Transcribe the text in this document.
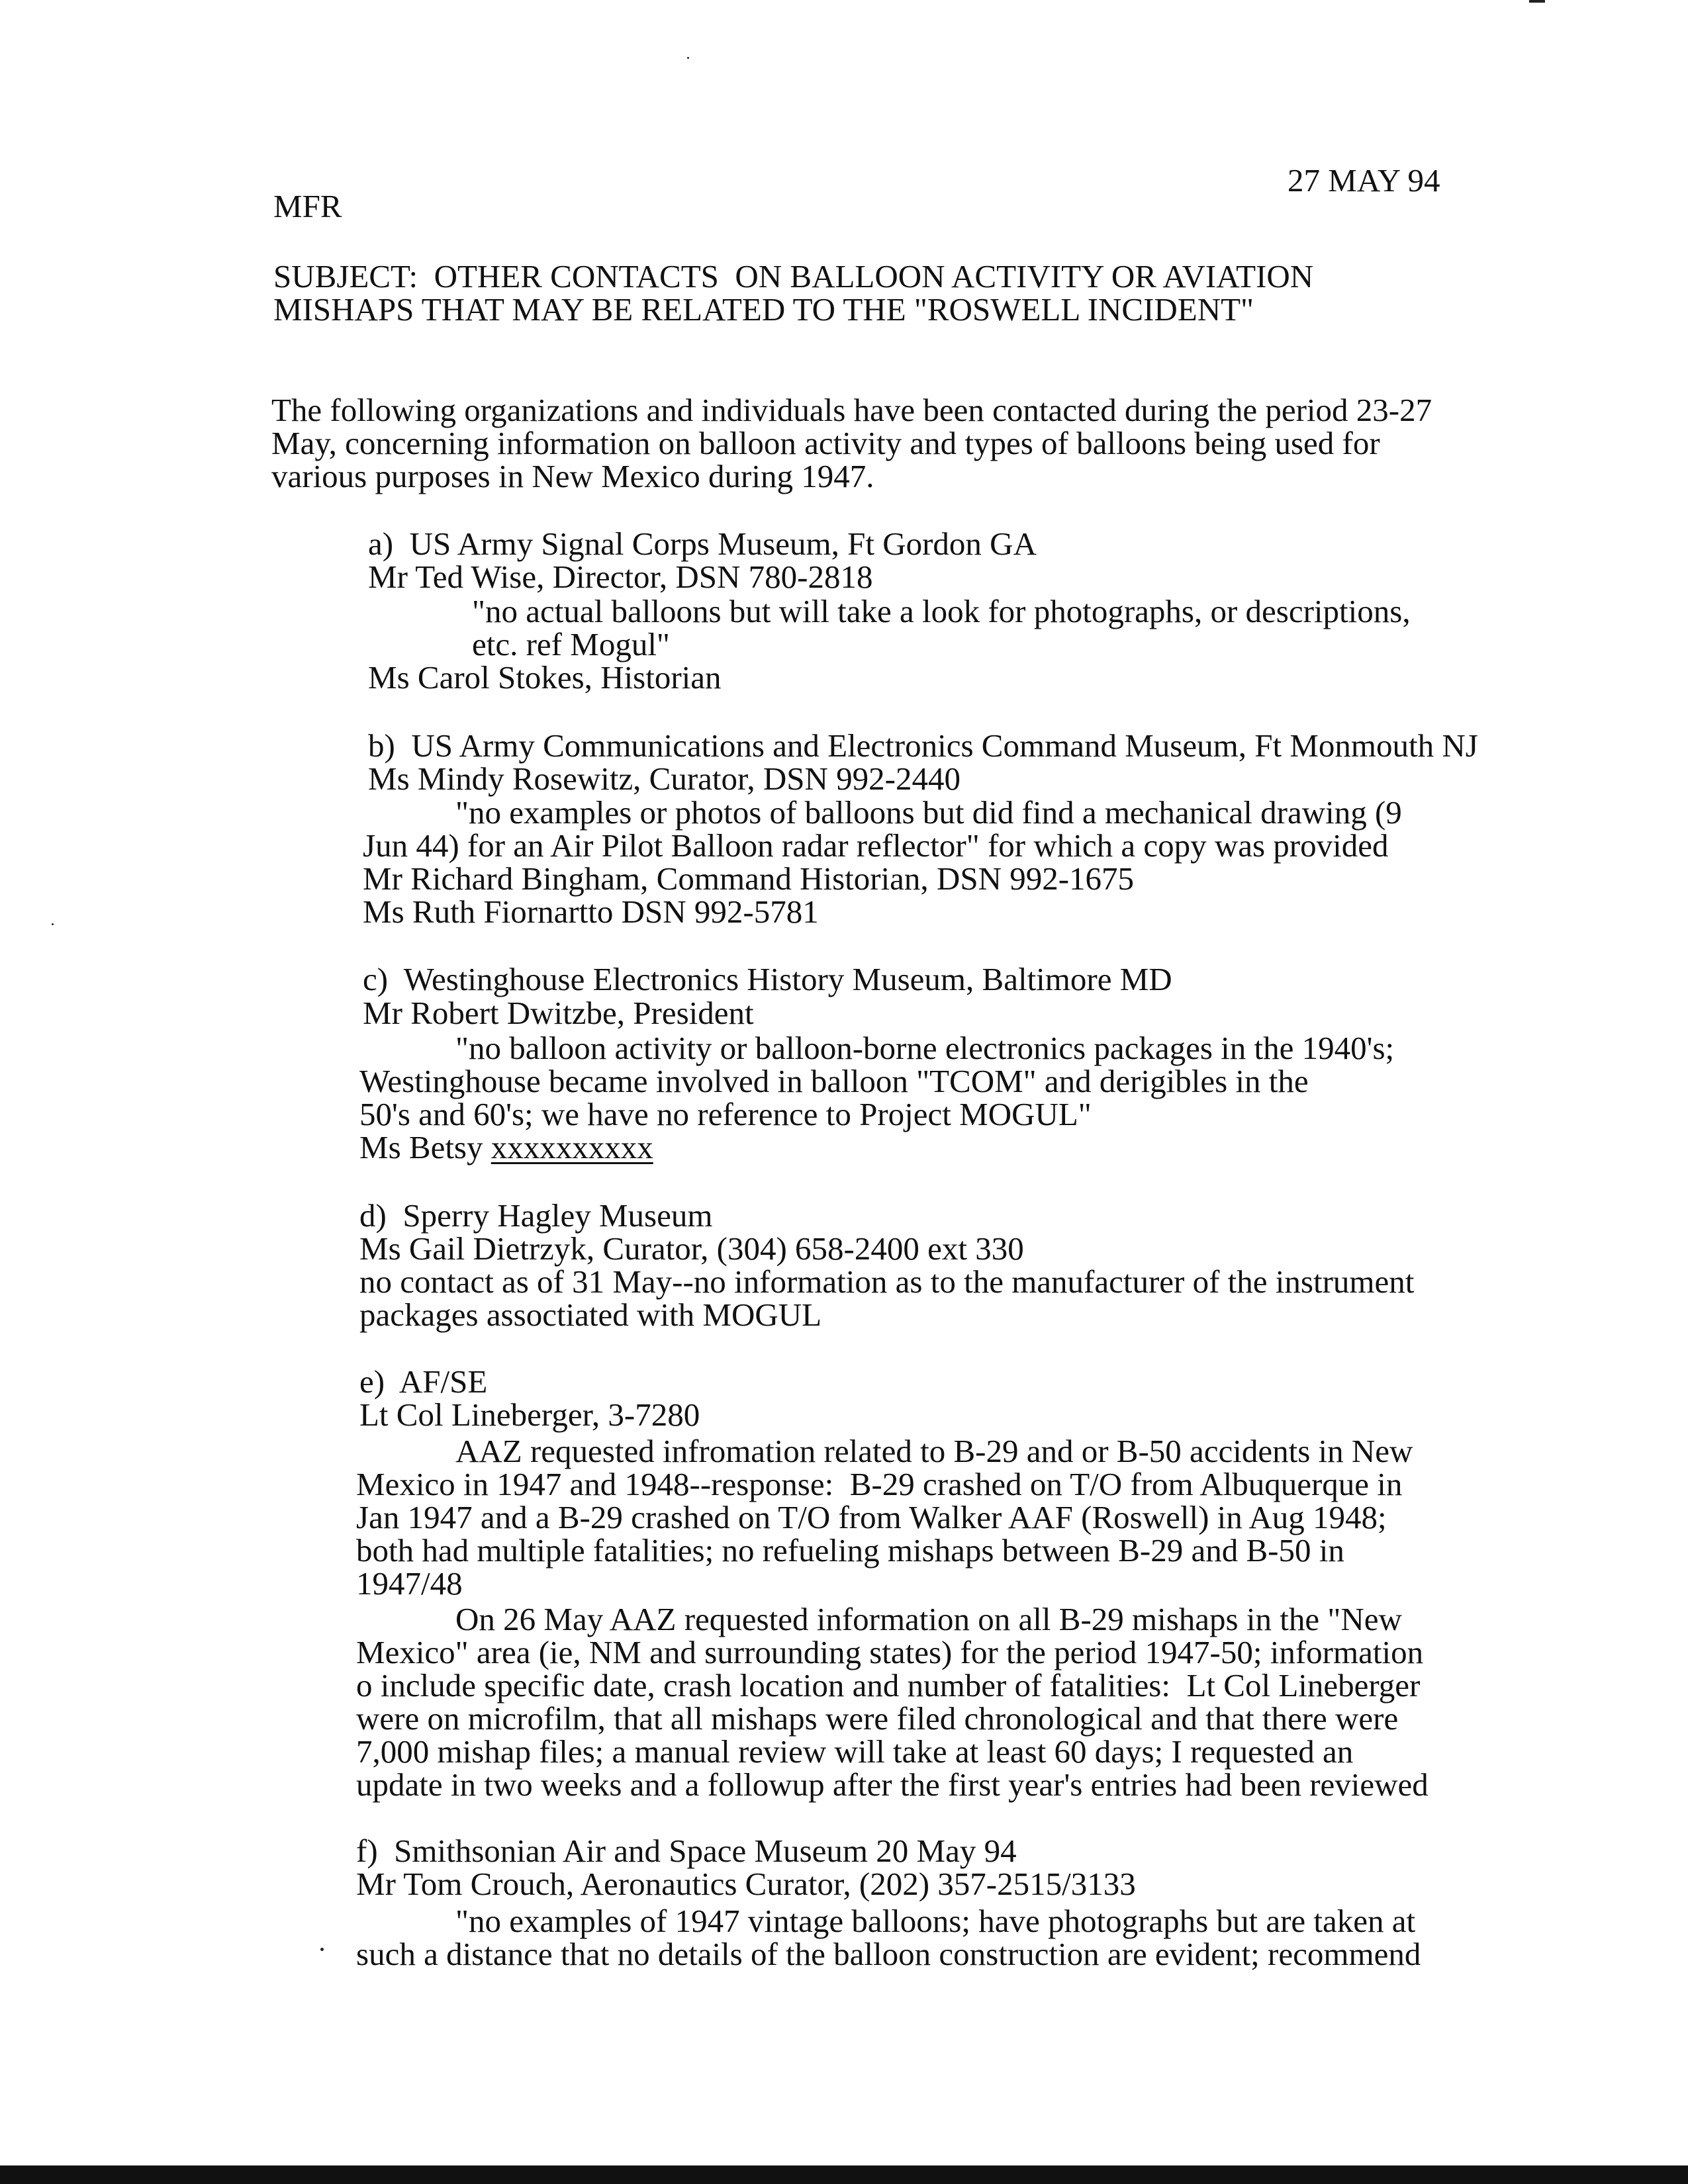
27 MAY 94
MFR
SUBJECT:  OTHER CONTACTS  ON BALLOON ACTIVITY OR AVIATION
MISHAPS THAT MAY BE RELATED TO THE "ROSWELL INCIDENT"
The following organizations and individuals have been contacted during the period 23-27
May, concerning information on balloon activity and types of balloons being used for
various purposes in New Mexico during 1947.
a)  US Army Signal Corps Museum, Ft Gordon GA
Mr Ted Wise, Director, DSN 780-2818
"no actual balloons but will take a look for photographs, or descriptions,
etc. ref Mogul"
Ms Carol Stokes, Historian
b)  US Army Communications and Electronics Command Museum, Ft Monmouth NJ
Ms Mindy Rosewitz, Curator, DSN 992-2440
"no examples or photos of balloons but did find a mechanical drawing (9
Jun 44) for an Air Pilot Balloon radar reflector" for which a copy was provided
Mr Richard Bingham, Command Historian, DSN 992-1675
Ms Ruth Fiornartto DSN 992-5781
c)  Westinghouse Electronics History Museum, Baltimore MD
Mr Robert Dwitzbe, President
"no balloon activity or balloon-borne electronics packages in the 1940's;
Westinghouse became involved in balloon "TCOM" and derigibles in the
50's and 60's; we have no reference to Project MOGUL"
Ms Betsy xxxxxxxxxx
d)  Sperry Hagley Museum
Ms Gail Dietrzyk, Curator, (304) 658-2400 ext 330
no contact as of 31 May--no information as to the manufacturer of the instrument
packages assoctiated with MOGUL
e)  AF/SE
Lt Col Lineberger, 3-7280
AAZ requested infromation related to B-29 and or B-50 accidents in New
Mexico in 1947 and 1948--response:  B-29 crashed on T/O from Albuquerque in
Jan 1947 and a B-29 crashed on T/O from Walker AAF (Roswell) in Aug 1948;
both had multiple fatalities; no refueling mishaps between B-29 and B-50 in
1947/48
On 26 May AAZ requested information on all B-29 mishaps in the "New
Mexico" area (ie, NM and surrounding states) for the period 1947-50; information
o include specific date, crash location and number of fatalities:  Lt Col Lineberger
were on microfilm, that all mishaps were filed chronological and that there were
7,000 mishap files; a manual review will take at least 60 days; I requested an
update in two weeks and a followup after the first year's entries had been reviewed
f)  Smithsonian Air and Space Museum 20 May 94
Mr Tom Crouch, Aeronautics Curator, (202) 357-2515/3133
"no examples of 1947 vintage balloons; have photographs but are taken at
such a distance that no details of the balloon construction are evident; recommend
